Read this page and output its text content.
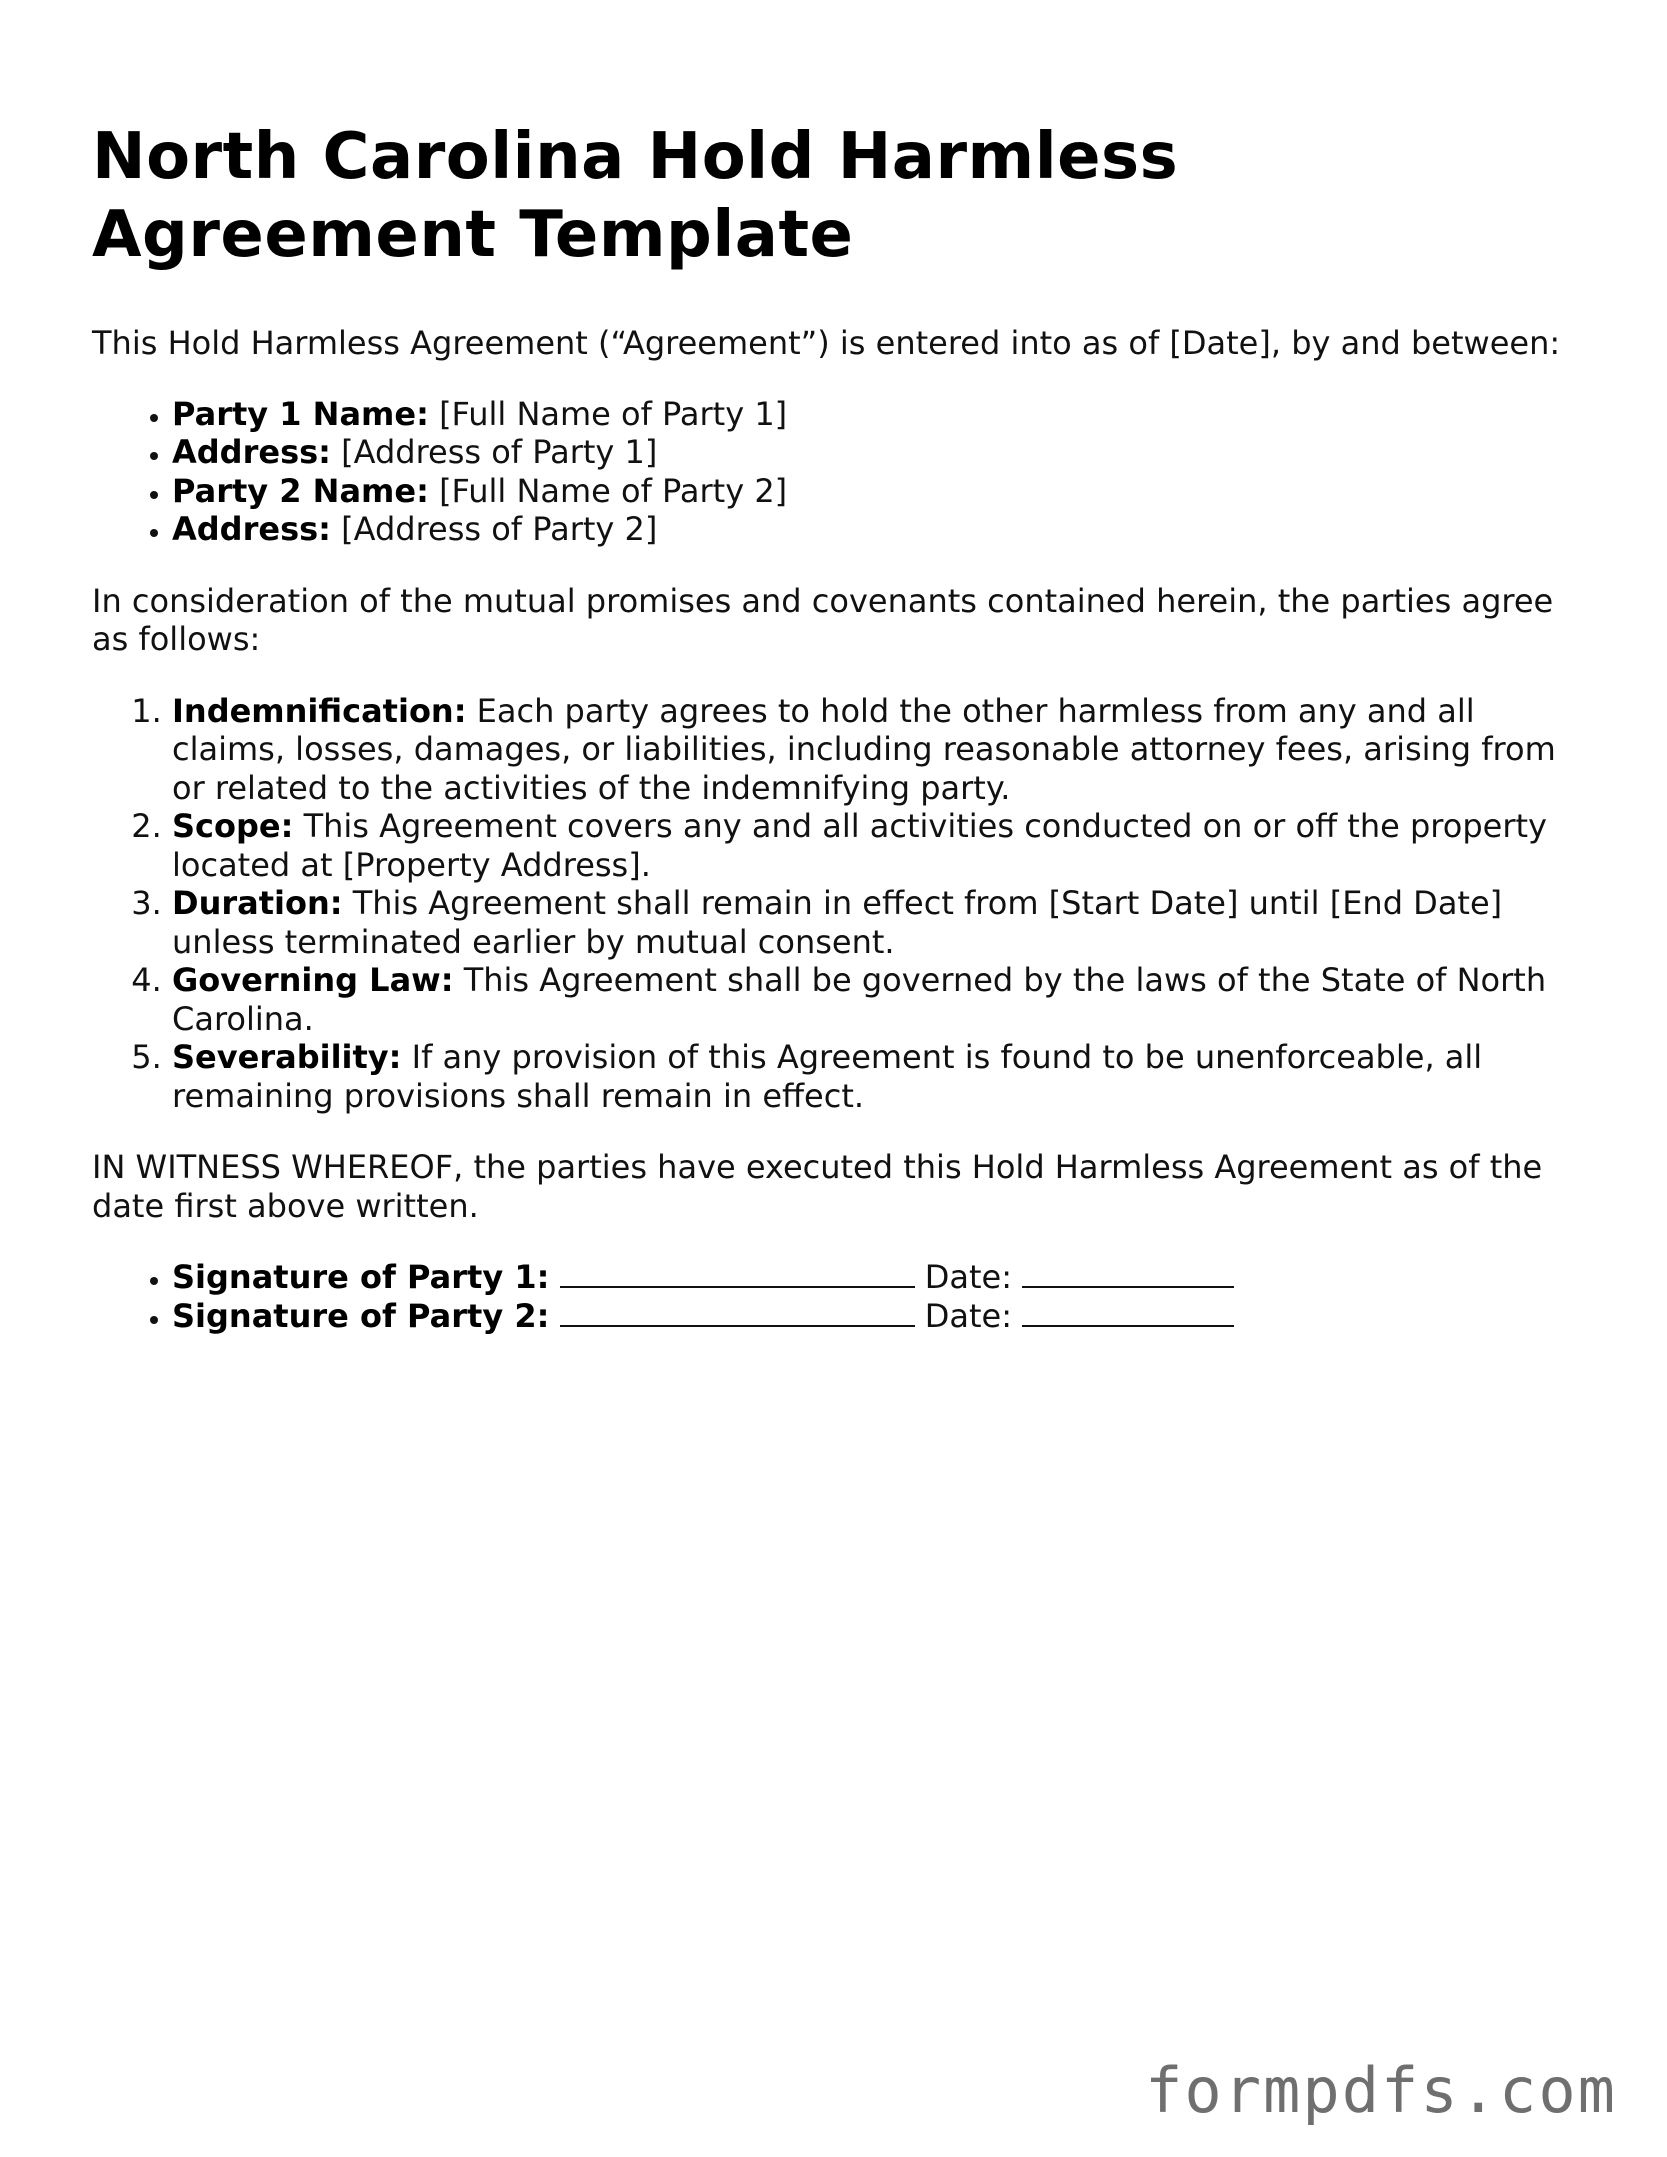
North Carolina Hold Harmless Agreement Template

This Hold Harmless Agreement (“Agreement”) is entered into as of [Date], by and between:

• Party 1 Name: [Full Name of Party 1]
• Address: [Address of Party 1]
• Party 2 Name: [Full Name of Party 2]
• Address: [Address of Party 2]

In consideration of the mutual promises and covenants contained herein, the parties agree as follows:

1. Indemnification: Each party agrees to hold the other harmless from any and all claims, losses, damages, or liabilities, including reasonable attorney fees, arising from or related to the activities of the indemnifying party.
2. Scope: This Agreement covers any and all activities conducted on or off the property located at [Property Address].
3. Duration: This Agreement shall remain in effect from [Start Date] until [End Date] unless terminated earlier by mutual consent.
4. Governing Law: This Agreement shall be governed by the laws of the State of North Carolina.
5. Severability: If any provision of this Agreement is found to be unenforceable, all remaining provisions shall remain in effect.

IN WITNESS WHEREOF, the parties have executed this Hold Harmless Agreement as of the date first above written.

• Signature of Party 1:	Date:
• Signature of Party 2:	Date:
formpdfs.com
